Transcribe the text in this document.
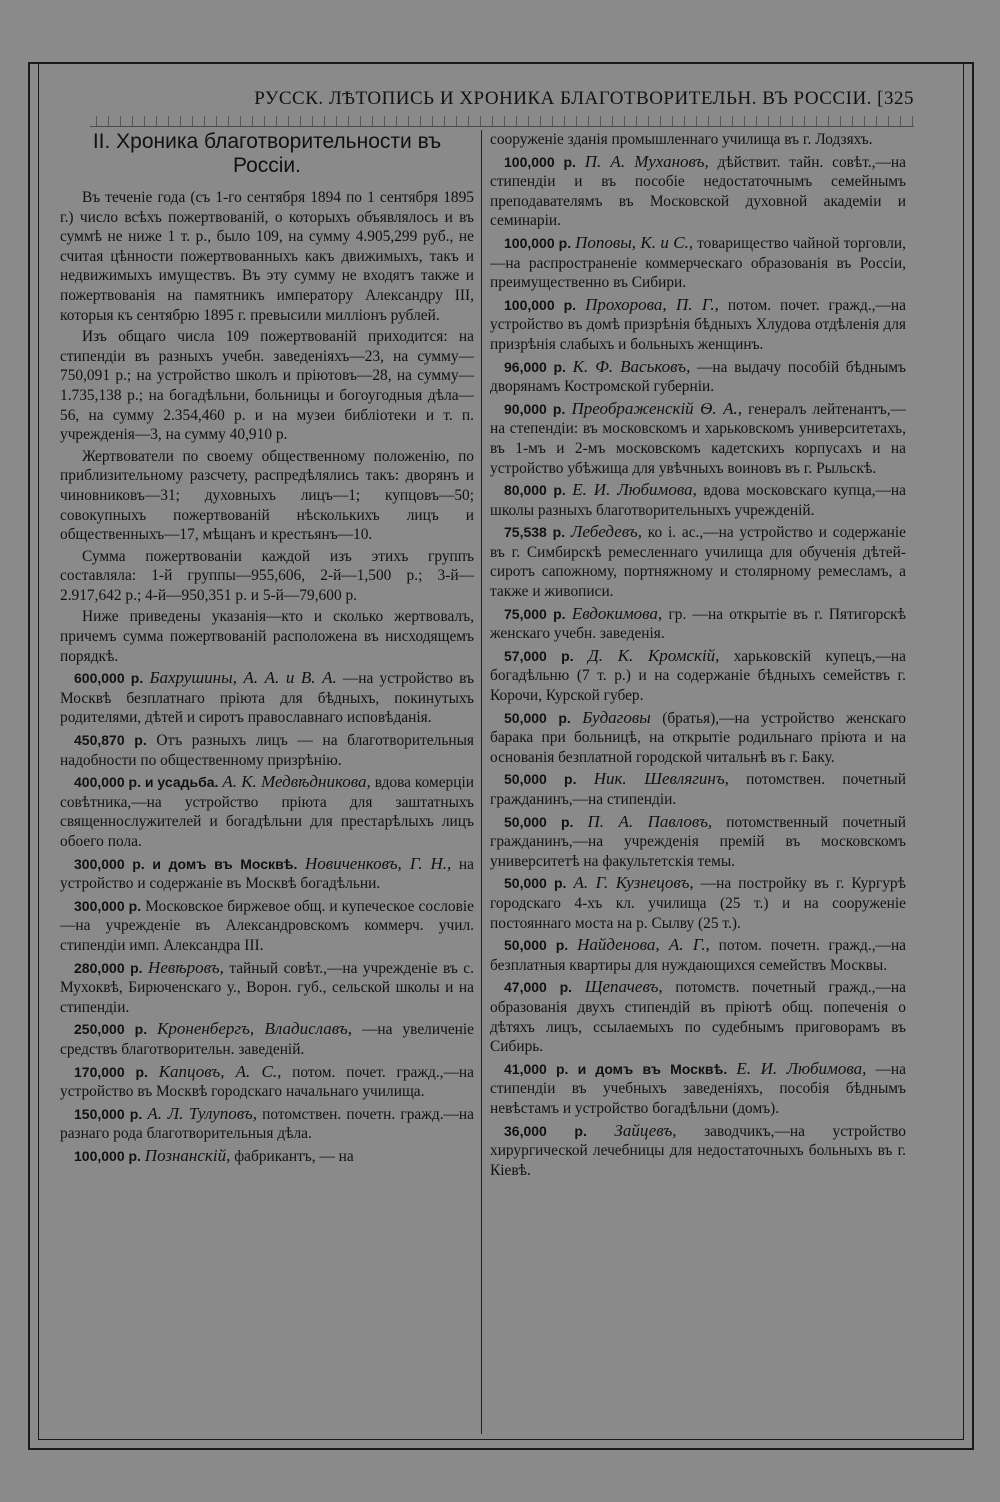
РУССК. ЛѢТОПИСЬ И ХРОНИКА БЛАГОТВОРИТЕЛЬН. ВЪ РОССІИ. [325
II. Хроника благотворительности въ Россіи.

Въ теченіе года (съ 1-го сентября 1894 по 1 сентября 1895 г.) число всѣхъ пожертвованій, о которыхъ объявлялось и въ суммѣ не ниже 1 т. р., было 109, на сумму 4.905,299 руб., не считая цѣнности пожертвованныхъ какъ движимыхъ, такъ и недвижимыхъ имуществъ. Въ эту сумму не входятъ также и пожертвованія на памятникъ императору Александру III, которыя къ сентябрю 1895 г. превысили милліонъ рублей.

Изъ общаго числа 109 пожертвованій приходится: на стипендіи въ разныхъ учебн. заведеніяхъ—23, на сумму—750,091 р.; на устройство школъ и пріютовъ—28, на сумму—1.735,138 р.; на богадѣльни, больницы и богоугодныя дѣла—56, на сумму 2.354,460 р. и на музеи библіотеки и т. п. учрежденія—3, на сумму 40,910 р.

Жертвователи по своему общественному положенію, по приблизительному разсчету, распредѣлялись такъ: дворянъ и чиновниковъ—31; духовныхъ лицъ—1; купцовъ—50; совокупныхъ пожертвованій нѣсколькихъ лицъ и общественныхъ—17, мѣщанъ и крестьянъ—10.

Сумма пожертвованіи каждой изъ этихъ группъ составляла: 1-й группы—955,606, 2-й—1,500 р.; 3-й—2.917,642 р.; 4-й—950,351 р. и 5-й—79,600 р.

Ниже приведены указанія—кто и сколько жертвовалъ, причемъ сумма пожертвованій расположена въ нисходящемъ порядкѣ.

600,000 р. Бахрушины, А. А. и В. А. —на устройство въ Москвѣ безплатнаго пріюта для бѣдныхъ, покинутыхъ родителями, дѣтей и сиротъ православнаго исповѣданія.

450,870 р. Отъ разныхъ лицъ — на благотворительныя надобности по общественному призрѣнію.

400,000 р. и усадьба. А. К. Медвѣдникова, вдова комерціи совѣтника,—на устройство пріюта для заштатныхъ священнослужителей и богадѣльни для престарѣлыхъ лицъ обоего пола.

300,000 р. и домъ въ Москвѣ. Новиченковъ, Г. Н., на устройство и содержаніе въ Москвѣ богадѣльни.

300,000 р. Московское биржевое общ. и купеческое сословіе—на учрежденіе въ Александровскомъ коммерч. учил. стипендіи имп. Александра III.

280,000 р. Невѣровъ, тайный совѣт.,—на учрежденіе въ с. Мухоквѣ, Бирюченскаго у., Ворон. губ., сельской школы и на стипендіи.

250,000 р. Кроненбергъ, Владиславъ, —на увеличеніе средствъ благотворительн. заведеній.

170,000 р. Капцовъ, А. С., потом. почет. гражд.,—на устройство въ Москвѣ городскаго начальнаго училища.

150,000 р. А. Л. Тулуповъ, потомствен. почетн. гражд.—на разнаго рода благотворительныя дѣла.

100,000 р. Познанскій, фабрикантъ, — на

сооруженіе зданія промышленнаго училища въ г. Лодзяхъ.

100,000 р. П. А. Мухановъ, дѣйствит. тайн. совѣт.,—на стипендіи и въ пособіе недостаточнымъ семейнымъ преподавателямъ въ Московской духовной академіи и семинаріи.

100,000 р. Поповы, К. и С., товарищество чайной торговли,—на распространеніе коммерческаго образованія въ Россіи, преимущественно въ Сибири.

100,000 р. Прохорова, П. Г., потом. почет. гражд.,—на устройство въ домѣ призрѣнія бѣдныхъ Хлудова отдѣленія для призрѣнія слабыхъ и больныхъ женщинъ.

96,000 р. К. Ф. Васьковъ, —на выдачу пособій бѣднымъ дворянамъ Костромской губерніи.

90,000 р. Преображенскій Ѳ. А., генералъ лейтенантъ,—на степендіи: въ московскомъ и харьковскомъ университетахъ, въ 1-мъ и 2-мъ московскомъ кадетскихъ корпусахъ и на устройство убѣжища для увѣчныхъ воиновъ въ г. Рыльскѣ.

80,000 р. Е. И. Любимова, вдова московскаго купца,—на школы разныхъ благотворительныхъ учрежденій.

75,538 р. Лебедевъ, ко і. ас.,—на устройство и содержаніе въ г. Симбирскѣ ремесленнаго училища для обученія дѣтей-сиротъ сапожному, портняжному и столярному ремесламъ, а также и живописи.

75,000 р. Евдокимова, гр. —на открытіе въ г. Пятигорскѣ женскаго учебн. заведенія.

57,000 р. Д. К. Кромскій, харьковскій купецъ,—на богадѣльню (7 т. р.) и на содержаніе бѣдныхъ семействъ г. Корочи, Курской губер.

50,000 р. Будаговы (братья),—на устройство женскаго барака при больницѣ, на открытіе родильнаго пріюта и на основанія безплатной городской читальнѣ въ г. Баку.

50,000 р. Ник. Шевлягинъ, потомствен. почетный гражданинъ,—на стипендіи.

50,000 р. П. А. Павловъ, потомственный почетный гражданинъ,—на учрежденія премій въ московскомъ университетѣ на факультетскія темы.

50,000 р. А. Г. Кузнецовъ, —на постройку въ г. Кургурѣ городскаго 4-хъ кл. училища (25 т.) и на сооруженіе постояннаго моста на р. Сылву (25 т.).

50,000 р. Найденова, А. Г., потом. почетн. гражд.,—на безплатныя квартиры для нуждающихся семействъ Москвы.

47,000 р. Щепачевъ, потомств. почетный гражд.,—на образованія двухъ стипендій въ пріютѣ общ. попеченія о дѣтяхъ лицъ, ссылаемыхъ по судебнымъ приговорамъ въ Сибирь.

41,000 р. и домъ въ Москвѣ. Е. И. Любимова, —на стипендіи въ учебныхъ заведеніяхъ, пособія бѣднымъ невѣстамъ и устройство богадѣльни (домъ).

36,000 р. Зайцевъ, заводчикъ,—на устройство хирургической лечебницы для недостаточныхъ больныхъ въ г. Кіевѣ.
